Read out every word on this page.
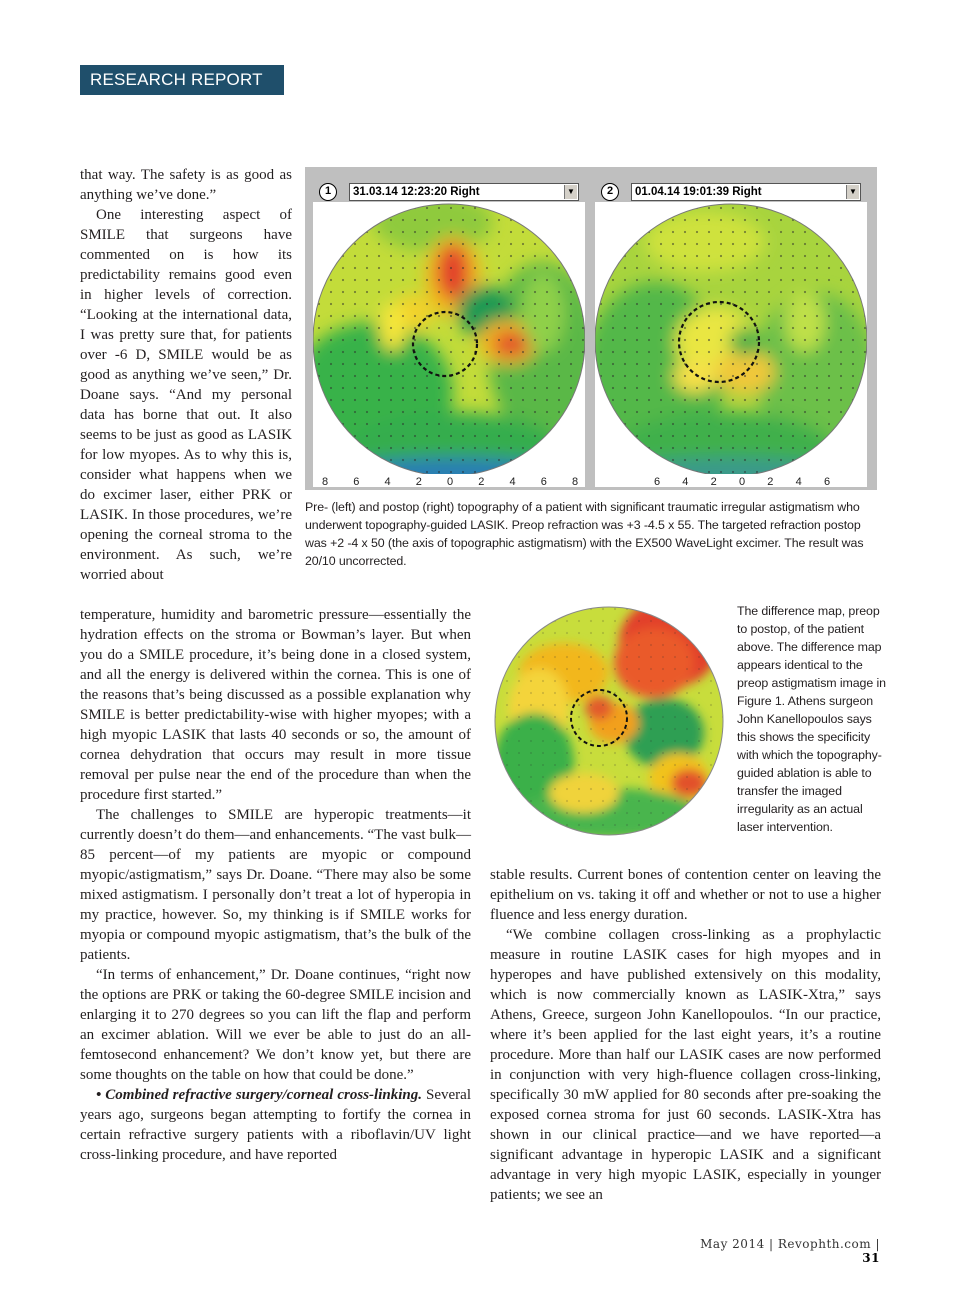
RESEARCH REPORT
1	31.03.14 12:23:20 Right	▼
8 6 4 2 0 2 4 6 8
2	01.04.14 19:01:39 Right	▼
6 4 2 0 2 4 6

Pre- (left) and postop (right) topography of a patient with significant traumatic irregular astigmatism who underwent topography-guided LASIK. Preop refraction was +3 -4.5 x 55. The targeted refraction postop was +2 -4 x 50 (the axis of topographic astigmatism) with the EX500 WaveLight excimer. The result was 20/10 uncorrected.

The difference map, preop to postop, of the patient above. The difference map appears identical to the preop astigmatism image in Figure 1. Athens surgeon John Kanellopoulos says this shows the specificity with which the topography-guided ablation is able to transfer the imaged irregularity as an actual laser intervention.

that way. The safety is as good as anything we’ve done.”

One interesting aspect of SMILE that surgeons have commented on is how its predictability remains good even in higher levels of correction. “Looking at the international data, I was pretty sure that, for patients over -6 D, SMILE would be as good as anything we’ve seen,” Dr. Doane says. “And my personal data has borne that out. It also seems to be just as good as LASIK for low myopes. As to why this is, consider what happens when we do excimer laser, either PRK or LASIK. In those procedures, we’re opening the corneal stroma to the environment. As such, we’re worried about

temperature, humidity and barometric pressure—essentially the hydration effects on the stroma or Bowman’s layer. But when you do a SMILE procedure, it’s being done in a closed system, and all the energy is delivered within the cornea. This is one of the reasons that’s being discussed as a possible explanation why SMILE is better predictability-wise with higher myopes; with a high myopic LASIK that lasts 40 seconds or so, the amount of cornea dehydration that occurs may result in more tissue removal per pulse near the end of the procedure than when the procedure first started.”

The challenges to SMILE are hyperopic treatments—it currently doesn’t do them—and enhancements. “The vast bulk—85 percent—of my patients are myopic or compound myopic/astigmatism,” says Dr. Doane. “There may also be some mixed astigmatism. I personally don’t treat a lot of hyperopia in my practice, however. So, my thinking is if SMILE works for myopia or compound myopic astigmatism, that’s the bulk of the patients.

“In terms of enhancement,” Dr. Doane continues, “right now the options are PRK or taking the 60-degree SMILE incision and enlarging it to 270 degrees so you can lift the flap and perform an excimer ablation. Will we ever be able to just do an all-femtosecond enhancement? We don’t know yet, but there are some thoughts on the table on how that could be done.”

• Combined refractive surgery/corneal cross-linking. Several years ago, surgeons began attempting to fortify the cornea in certain refractive surgery patients with a riboflavin/UV light cross-linking procedure, and have reported

stable results. Current bones of contention center on leaving the epithelium on vs. taking it off and whether or not to use a higher fluence and less energy duration.

“We combine collagen cross-linking as a prophylactic measure in routine LASIK cases for high myopes and in hyperopes and have published extensively on this modality, which is now commercially known as LASIK-Xtra,” says Athens, Greece, surgeon John Kanellopoulos. “In our practice, where it’s been applied for the last eight years, it’s a routine procedure. More than half our LASIK cases are now performed in conjunction with very high-fluence collagen cross-linking, specifically 30 mW applied for 80 seconds after pre-soaking the exposed cornea stroma for just 60 seconds. LASIK-Xtra has shown in our clinical practice—and we have reported—a significant advantage in hyperopic LASIK and a significant advantage in very high myopic LASIK, especially in younger patients; we see an

May 2014 | Revophth.com | 31
